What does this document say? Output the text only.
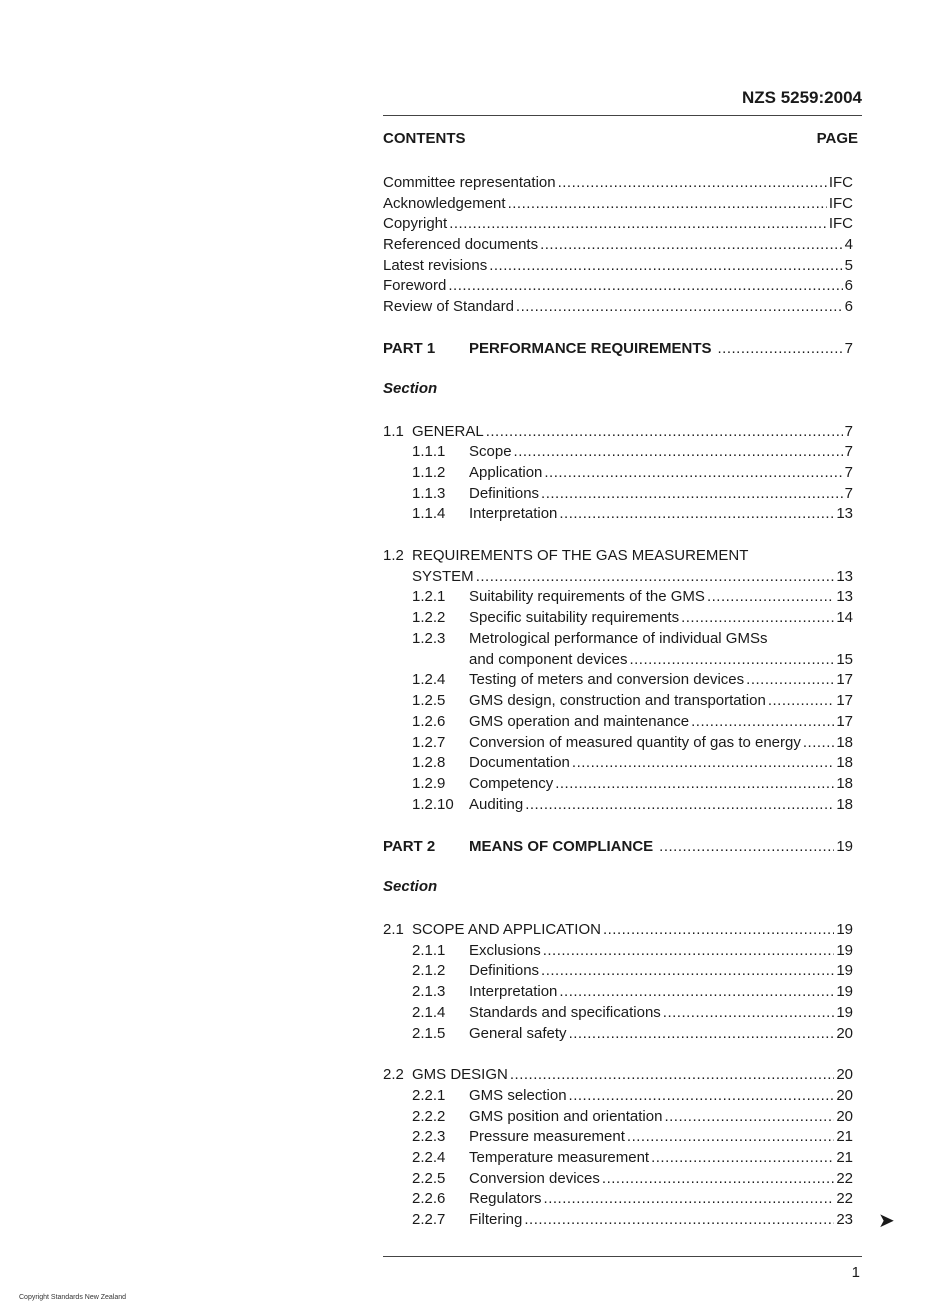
NZS 5259:2004
CONTENTS	PAGE
Committee representation .....	IFC
Acknowledgement .....	IFC
Copyright .....	IFC
Referenced documents .....	4
Latest revisions .....	5
Foreword .....	6
Review of Standard .....	6
PART 1	PERFORMANCE REQUIREMENTS .....	7
Section
1.1 GENERAL .....	7
1.1.1	Scope .....	7
1.1.2	Application .....	7
1.1.3	Definitions .....	7
1.1.4	Interpretation .....	13
1.2 REQUIREMENTS OF THE GAS MEASUREMENT
SYSTEM .....	13
1.2.1	Suitability requirements of the GMS .....	13
1.2.2	Specific suitability requirements .....	14
1.2.3 Metrological performance of individual GMSs
and component devices .....	15
1.2.4	Testing of meters and conversion devices .....	17
1.2.5	GMS design, construction and transportation .....	17
1.2.6	GMS operation and maintenance .....	17
1.2.7	Conversion of measured quantity of gas to energy ..... 18
1.2.8	Documentation .....	18
1.2.9	Competency .....	18
1.2.10	Auditing .....	18
PART 2	MEANS OF COMPLIANCE .....	19
Section
2.1 SCOPE AND APPLICATION .....	19
2.1.1	Exclusions .....	19
2.1.2	Definitions .....	19
2.1.3	Interpretation .....	19
2.1.4	Standards and specifications .....	19
2.1.5	General safety .....	20
2.2 GMS DESIGN .....	20
2.2.1	GMS selection .....	20
2.2.2	GMS position and orientation .....	20
2.2.3	Pressure measurement .....	21
2.2.4	Temperature measurement .....	21
2.2.5	Conversion devices .....	22
2.2.6	Regulators .....	22
2.2.7	Filtering .....	23 ➤
1
Copyright Standards New Zealand
